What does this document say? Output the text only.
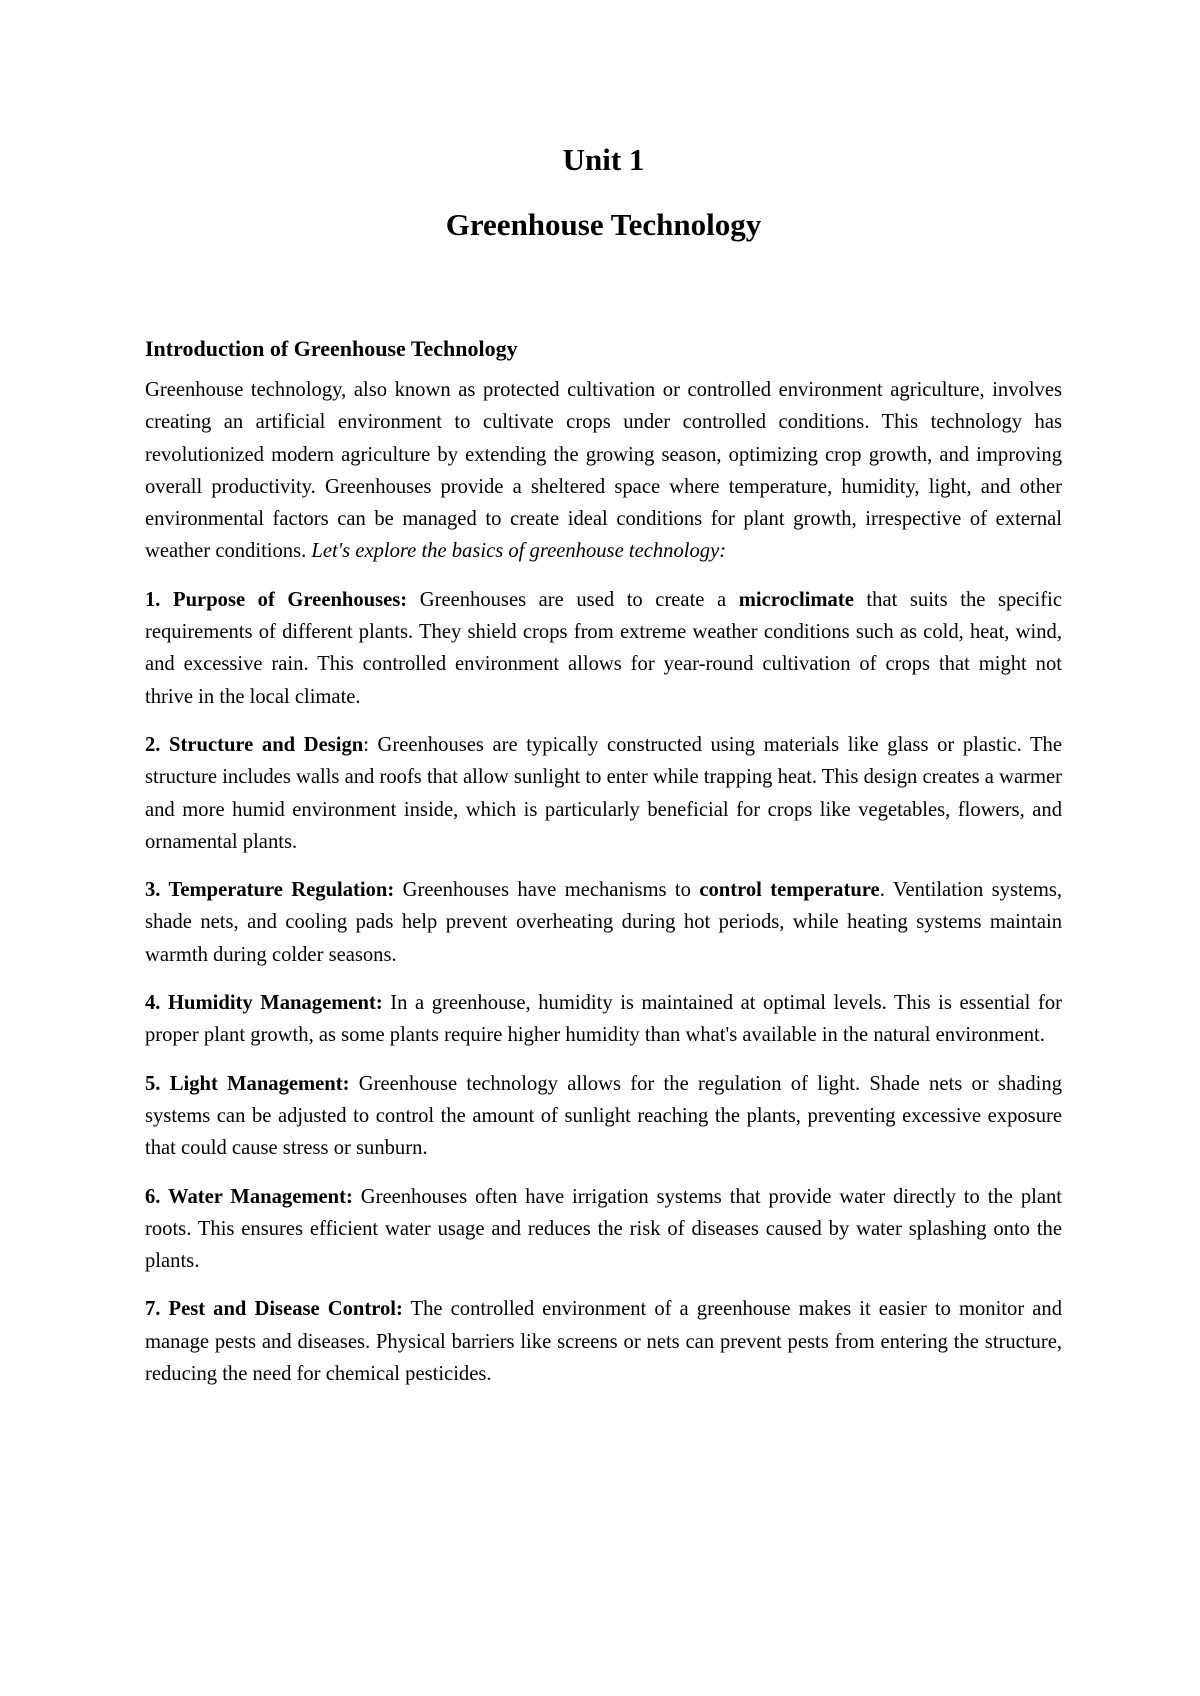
Unit 1
Greenhouse Technology
Introduction of Greenhouse Technology

Greenhouse technology, also known as protected cultivation or controlled environment agriculture, involves creating an artificial environment to cultivate crops under controlled conditions. This technology has revolutionized modern agriculture by extending the growing season, optimizing crop growth, and improving overall productivity. Greenhouses provide a sheltered space where temperature, humidity, light, and other environmental factors can be managed to create ideal conditions for plant growth, irrespective of external weather conditions. Let's explore the basics of greenhouse technology:

1. Purpose of Greenhouses: Greenhouses are used to create a microclimate that suits the specific requirements of different plants. They shield crops from extreme weather conditions such as cold, heat, wind, and excessive rain. This controlled environment allows for year-round cultivation of crops that might not thrive in the local climate.

2. Structure and Design: Greenhouses are typically constructed using materials like glass or plastic. The structure includes walls and roofs that allow sunlight to enter while trapping heat. This design creates a warmer and more humid environment inside, which is particularly beneficial for crops like vegetables, flowers, and ornamental plants.

3. Temperature Regulation: Greenhouses have mechanisms to control temperature. Ventilation systems, shade nets, and cooling pads help prevent overheating during hot periods, while heating systems maintain warmth during colder seasons.

4. Humidity Management: In a greenhouse, humidity is maintained at optimal levels. This is essential for proper plant growth, as some plants require higher humidity than what's available in the natural environment.

5. Light Management: Greenhouse technology allows for the regulation of light. Shade nets or shading systems can be adjusted to control the amount of sunlight reaching the plants, preventing excessive exposure that could cause stress or sunburn.

6. Water Management: Greenhouses often have irrigation systems that provide water directly to the plant roots. This ensures efficient water usage and reduces the risk of diseases caused by water splashing onto the plants.

7. Pest and Disease Control: The controlled environment of a greenhouse makes it easier to monitor and manage pests and diseases. Physical barriers like screens or nets can prevent pests from entering the structure, reducing the need for chemical pesticides.
